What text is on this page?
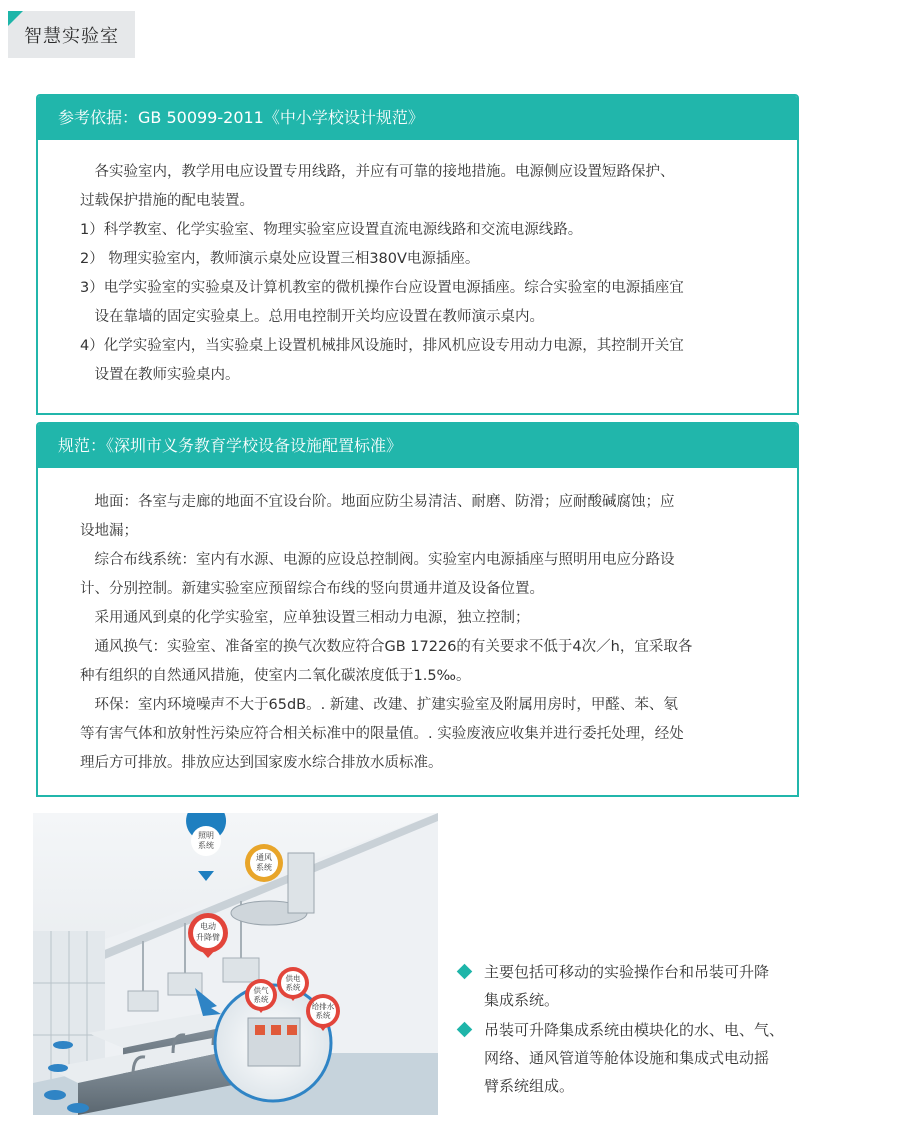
智慧实验室
参考依据：GB 50099-2011《中小学校设计规范》
　各实验室内，教学用电应设置专用线路，并应有可靠的接地措施。电源侧应设置短路保护、
过载保护措施的配电装置。
1）科学教室、化学实验室、物理实验室应设置直流电源线路和交流电源线路。
2） 物理实验室内，教师演示桌处应设置三相380V电源插座。
3）电学实验室的实验桌及计算机教室的微机操作台应设置电源插座。综合实验室的电源插座宜
　设在靠墙的固定实验桌上。总用电控制开关均应设置在教师演示桌内。
4）化学实验室内，当实验桌上设置机械排风设施时，排风机应设专用动力电源，其控制开关宜
　设置在教师实验桌内。
规范：《深圳市义务教育学校设备设施配置标准》
　地面：各室与走廊的地面不宜设台阶。地面应防尘易清洁、耐磨、防滑；应耐酸碱腐蚀；应
设地漏；
　综合布线系统：室内有水源、电源的应设总控制阀。实验室内电源插座与照明用电应分路设
计、分别控制。新建实验室应预留综合布线的竖向贯通井道及设备位置。
　采用通风到桌的化学实验室，应单独设置三相动力电源，独立控制；
　通风换气：实验室、准备室的换气次数应符合GB 17226的有关要求不低于4次／h，宜采取各
种有组织的自然通风措施，使室内二氧化碳浓度低于1.5‰。
　环保：室内环境噪声不大于65dB。. 新建、改建、扩建实验室及附属用房时，甲醛、苯、氡
等有害气体和放射性污染应符合相关标准中的限量值。. 实验废液应收集并进行委托处理，经处
理后方可排放。排放应达到国家废水综合排放水质标准。
照明
系统
通风
系统
电动
升降臂
供气
系统
供电
系统
给排水
系统
主要包括可移动的实验操作台和吊装可升降
集成系统。
吊装可升降集成系统由模块化的水、电、气、
网络、通风管道等舱体设施和集成式电动摇
臂系统组成。
